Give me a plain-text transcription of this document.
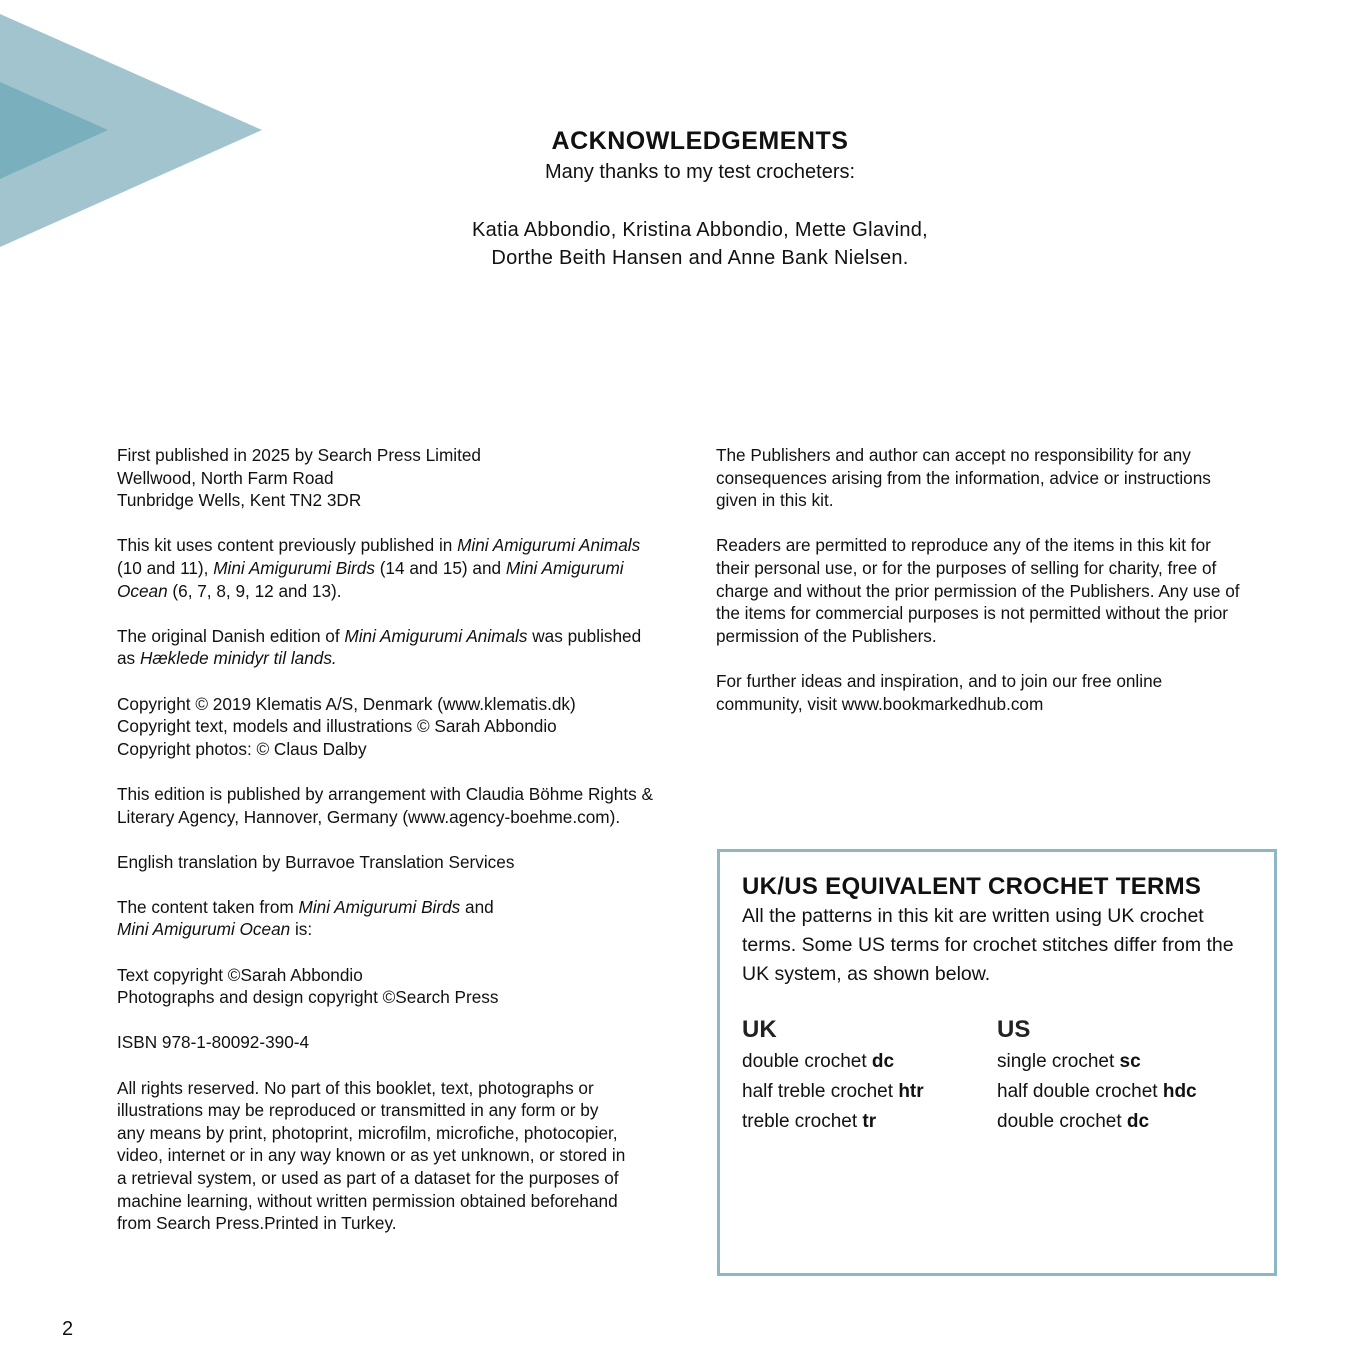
ACKNOWLEDGEMENTS

Many thanks to my test crocheters:

Katia Abbondio, Kristina Abbondio, Mette Glavind,
Dorthe Beith Hansen and Anne Bank Nielsen.

First published in 2025 by Search Press Limited
Wellwood, North Farm Road
Tunbridge Wells, Kent TN2 3DR

This kit uses content previously published in Mini Amigurumi Animals
(10 and 11), Mini Amigurumi Birds (14 and 15) and Mini Amigurumi
Ocean (6, 7, 8, 9, 12 and 13).

The original Danish edition of Mini Amigurumi Animals was published
as Hæklede minidyr til lands.

Copyright © 2019 Klematis A/S, Denmark (www.klematis.dk)
Copyright text, models and illustrations © Sarah Abbondio
Copyright photos: © Claus Dalby

This edition is published by arrangement with Claudia Böhme Rights &
Literary Agency, Hannover, Germany (www.agency-boehme.com).

English translation by Burravoe Translation Services

The content taken from Mini Amigurumi Birds and
Mini Amigurumi Ocean is:

Text copyright ©Sarah Abbondio
Photographs and design copyright ©Search Press

ISBN 978-1-80092-390-4

All rights reserved. No part of this booklet, text, photographs or
illustrations may be reproduced or transmitted in any form or by
any means by print, photoprint, microfilm, microfiche, photocopier,
video, internet or in any way known or as yet unknown, or stored in
a retrieval system, or used as part of a dataset for the purposes of
machine learning, without written permission obtained beforehand
from Search Press.Printed in Turkey.

The Publishers and author can accept no responsibility for any
consequences arising from the information, advice or instructions
given in this kit.

Readers are permitted to reproduce any of the items in this kit for
their personal use, or for the purposes of selling for charity, free of
charge and without the prior permission of the Publishers. Any use of
the items for commercial purposes is not permitted without the prior
permission of the Publishers.

For further ideas and inspiration, and to join our free online
community, visit www.bookmarkedhub.com

UK/US EQUIVALENT CROCHET TERMS

All the patterns in this kit are written using UK crochet terms. Some US terms for crochet stitches differ from the UK system, as shown below.

UK
double crochet dc
half treble crochet htr
treble crochet tr
US
single crochet sc
half double crochet hdc
double crochet dc
2
